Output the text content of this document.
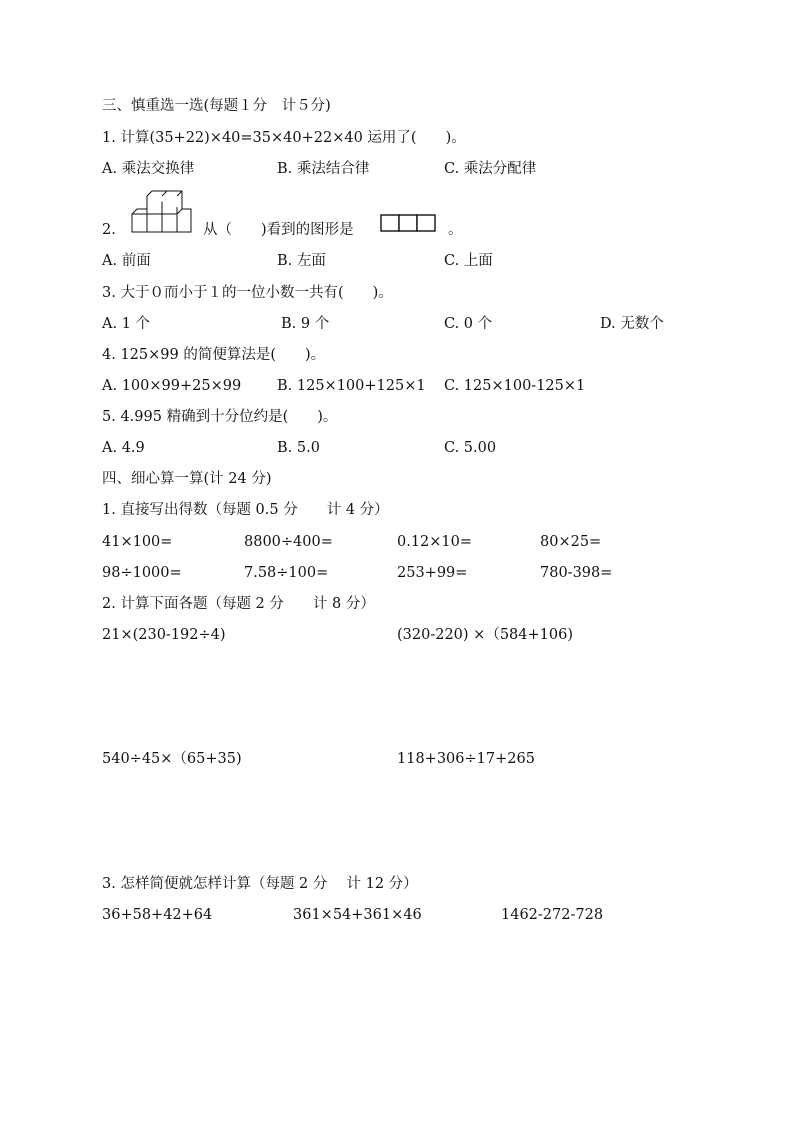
三、慎重选一选(每题１分　计５分)
1. 计算(35+22)×40=35×40+22×40 运用了(　　)。
A. 乘法交换律	B. 乘法结合律	C. 乘法分配律
2.	从（　　)看到的图形是	。
A. 前面	B. 左面	C. 上面
3. 大于０而小于１的一位小数一共有(　　)。
A. 1 个	B. 9 个	C. 0 个	D. 无数个
4. 125×99 的简便算法是(　　)。
A. 100×99+25×99 B. 125×100+125×1 C. 125×100-125×1
5. 4.995 精确到十分位约是(　　)。
A. 4.9	B. 5.0	C. 5.00
四、细心算一算(计 24 分)
1. 直接写出得数（每题 0.5 分　　计 4 分）
41×100=	8800÷400=	0.12×10=	80×25=
98÷1000=	7.58÷100=	253+99=	780-398=
2. 计算下面各题（每题 2 分　　计 8 分）
21×(230-192÷4)	(320-220) ×（584+106)
540÷45×（65+35)	118+306÷17+265
3. 怎样简便就怎样计算（每题 2 分　 计 12 分）
36+58+42+64	361×54+361×46	1462-272-728
